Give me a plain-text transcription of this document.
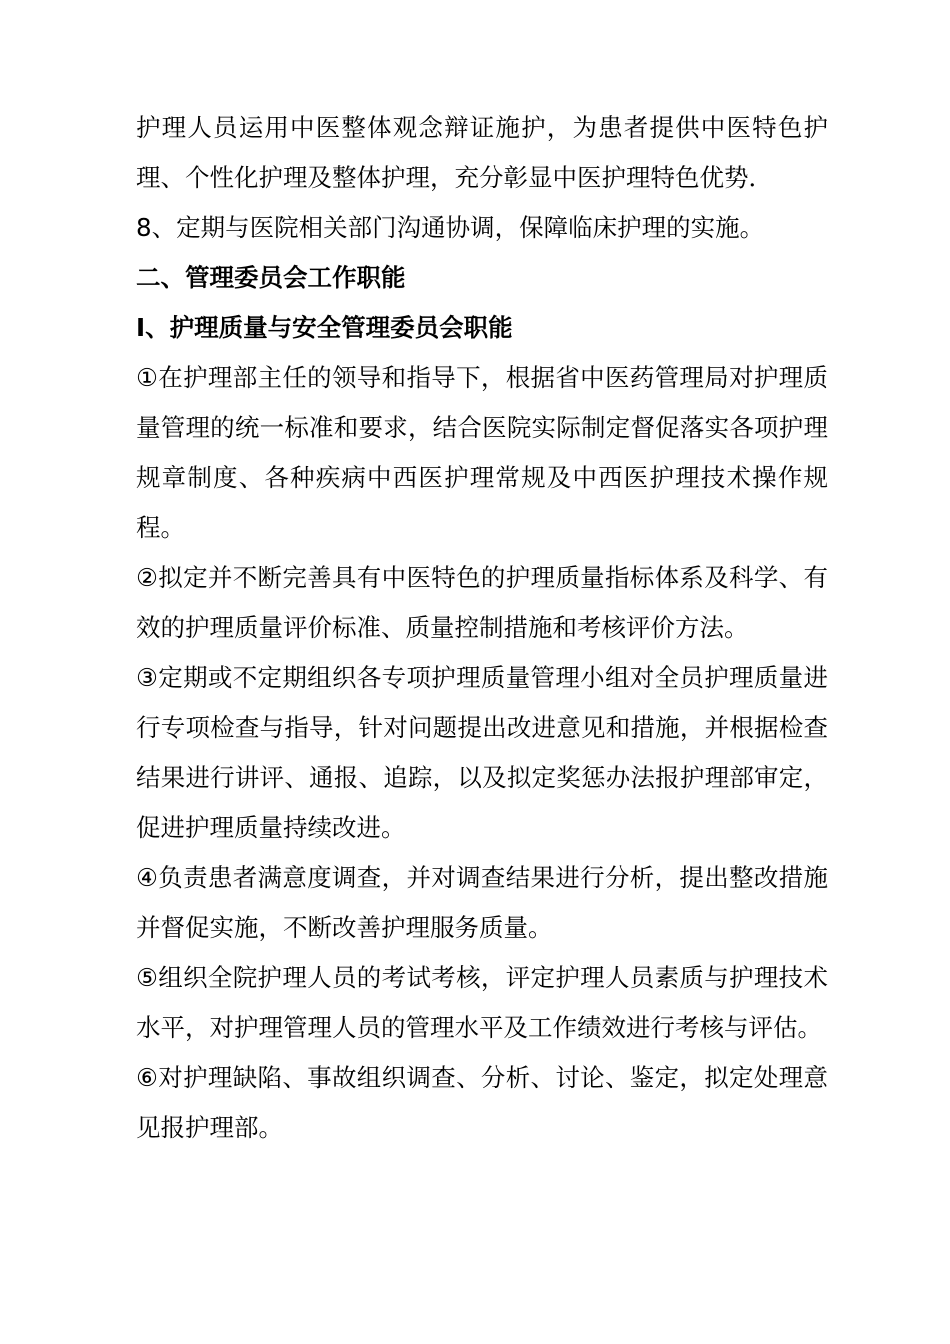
护理人员运用中医整体观念辩证施护，为患者提供中医特色护理、个性化护理及整体护理，充分彰显中医护理特色优势．

8、定期与医院相关部门沟通协调，保障临床护理的实施。

二、管理委员会工作职能

I、护理质量与安全管理委员会职能

①在护理部主任的领导和指导下，根据省中医药管理局对护理质量管理的统一标准和要求，结合医院实际制定督促落实各项护理规章制度、各种疾病中西医护理常规及中西医护理技术操作规程。

②拟定并不断完善具有中医特色的护理质量指标体系及科学、有效的护理质量评价标准、质量控制措施和考核评价方法。

③定期或不定期组织各专项护理质量管理小组对全员护理质量进行专项检查与指导，针对问题提出改进意见和措施，并根据检查结果进行讲评、通报、追踪，以及拟定奖惩办法报护理部审定，促进护理质量持续改进。

④负责患者满意度调查，并对调查结果进行分析，提出整改措施并督促实施，不断改善护理服务质量。

⑤组织全院护理人员的考试考核，评定护理人员素质与护理技术水平，对护理管理人员的管理水平及工作绩效进行考核与评估。

⑥对护理缺陷、事故组织调查、分析、讨论、鉴定，拟定处理意见报护理部。
